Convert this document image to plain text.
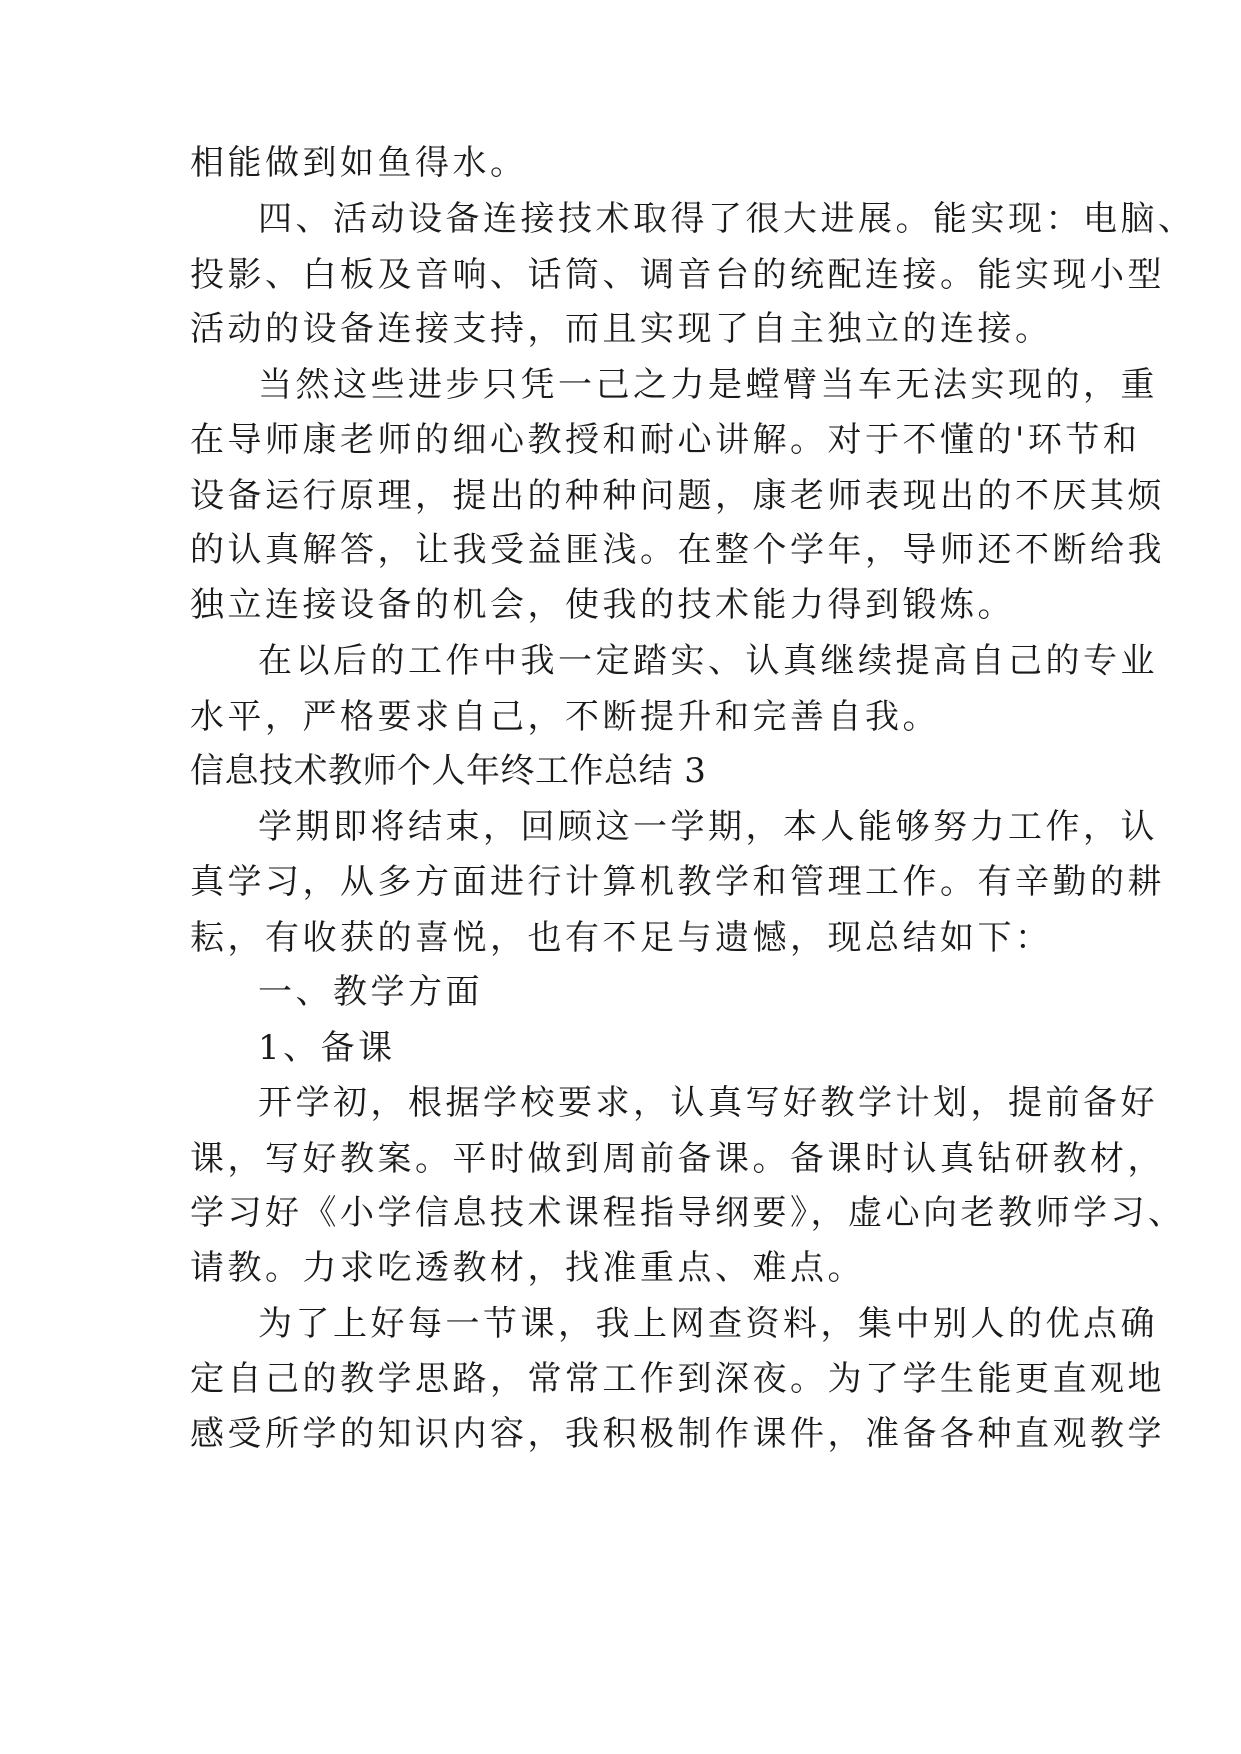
相能做到如鱼得水。
四、活动设备连接技术取得了很大进展。能实现：电脑、
投影、白板及音响、话筒、调音台的统配连接。能实现小型
活动的设备连接支持，而且实现了自主独立的连接。
当然这些进步只凭一己之力是螳臂当车无法实现的，重
在导师康老师的细心教授和耐心讲解。对于不懂的'环节和
设备运行原理，提出的种种问题，康老师表现出的不厌其烦
的认真解答，让我受益匪浅。在整个学年，导师还不断给我
独立连接设备的机会，使我的技术能力得到锻炼。
在以后的工作中我一定踏实、认真继续提高自己的专业
水平，严格要求自己，不断提升和完善自我。
信息技术教师个人年终工作总结 3
学期即将结束，回顾这一学期，本人能够努力工作，认
真学习，从多方面进行计算机教学和管理工作。有辛勤的耕
耘，有收获的喜悦，也有不足与遗憾，现总结如下：
一、教学方面
1、备课
开学初，根据学校要求，认真写好教学计划，提前备好
课，写好教案。平时做到周前备课。备课时认真钻研教材，
学习好《小学信息技术课程指导纲要》，虚心向老教师学习、
请教。力求吃透教材，找准重点、难点。
为了上好每一节课，我上网查资料，集中别人的优点确
定自己的教学思路，常常工作到深夜。为了学生能更直观地
感受所学的知识内容，我积极制作课件，准备各种直观教学
